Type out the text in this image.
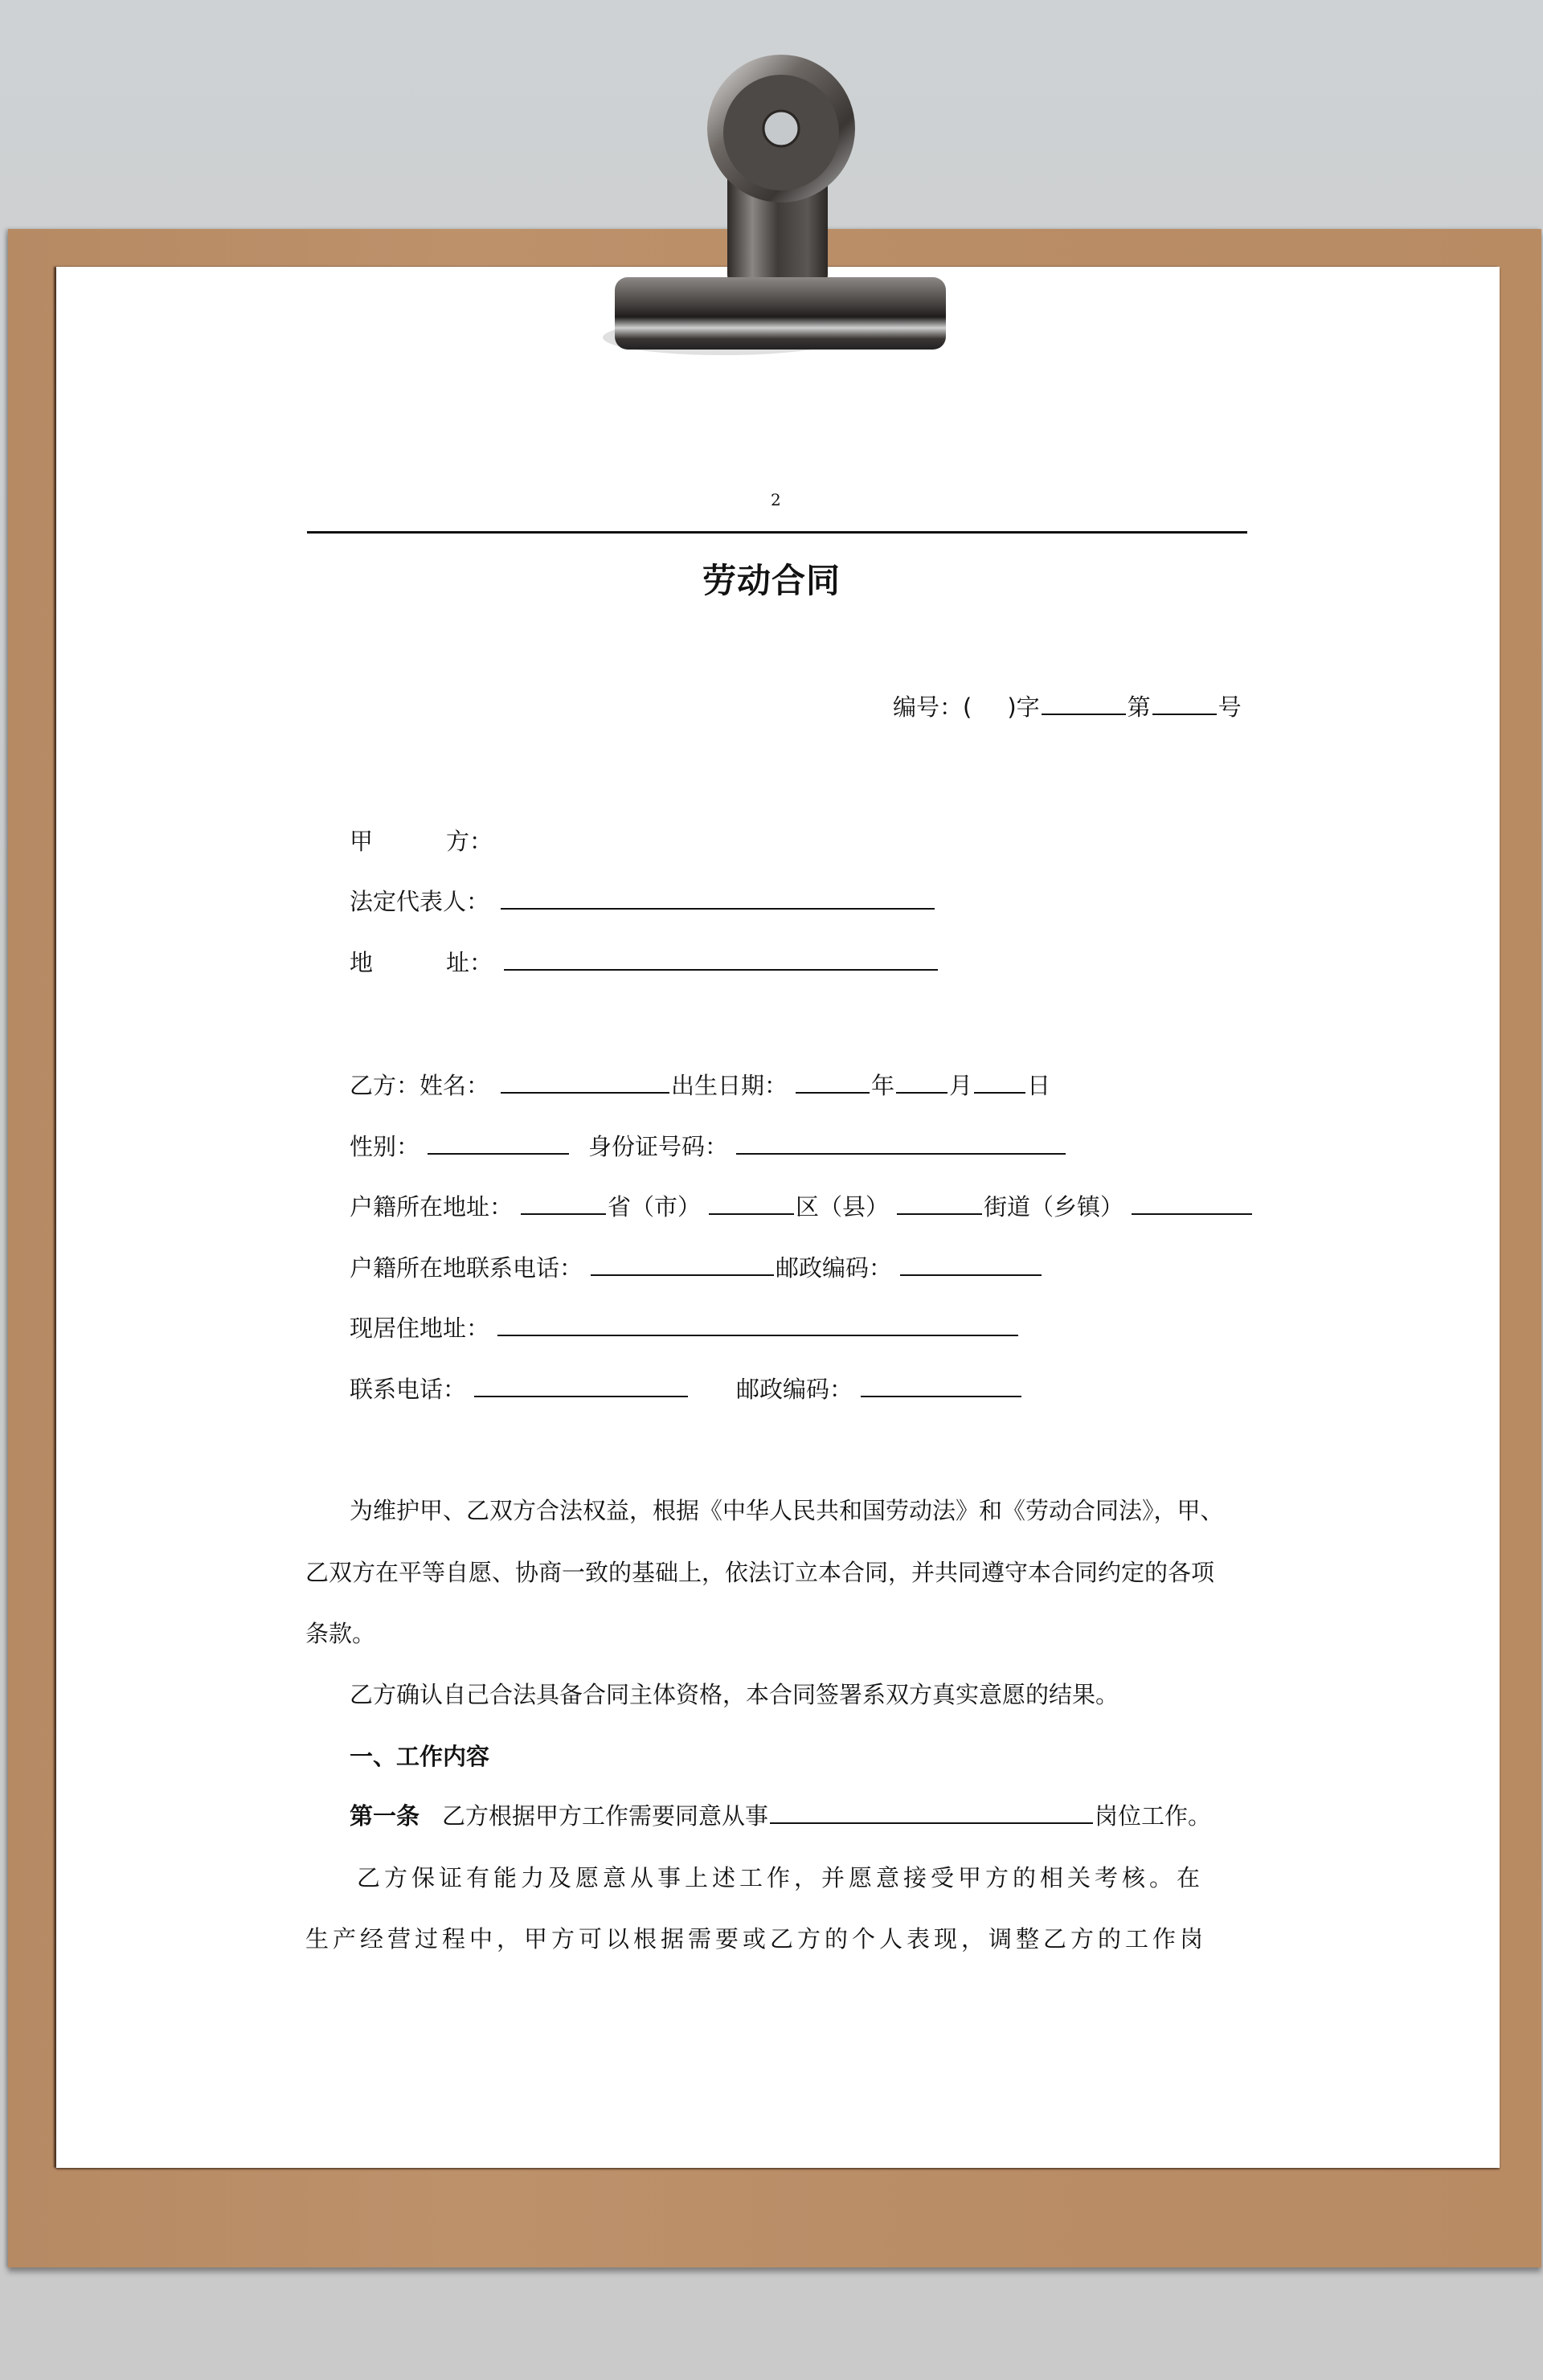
2
劳动合同
编号：( )字	第	号
甲	方：
法定代表人：
地	址：
乙方：姓名：	出生日期：	年 月 日
性别：	身份证号码：
户籍所在地址：	省（市）	区（县）	街道（乡镇）
户籍所在地联系电话：	邮政编码：
现居住地址：
联系电话：	邮政编码：
为维护甲、乙双方合法权益，根据《中华人民共和国劳动法》和《劳动合同法》，甲、
乙双方在平等自愿、协商一致的基础上，依法订立本合同，并共同遵守本合同约定的各项
条款。
乙方确认自己合法具备合同主体资格，本合同签署系双方真实意愿的结果。
一、工作内容
第一条 乙方根据甲方工作需要同意从事	岗位工作。
乙方保证有能力及愿意从事上述工作，并愿意接受甲方的相关考核。在
生产经营过程中，甲方可以根据需要或乙方的个人表现，调整乙方的工作岗
